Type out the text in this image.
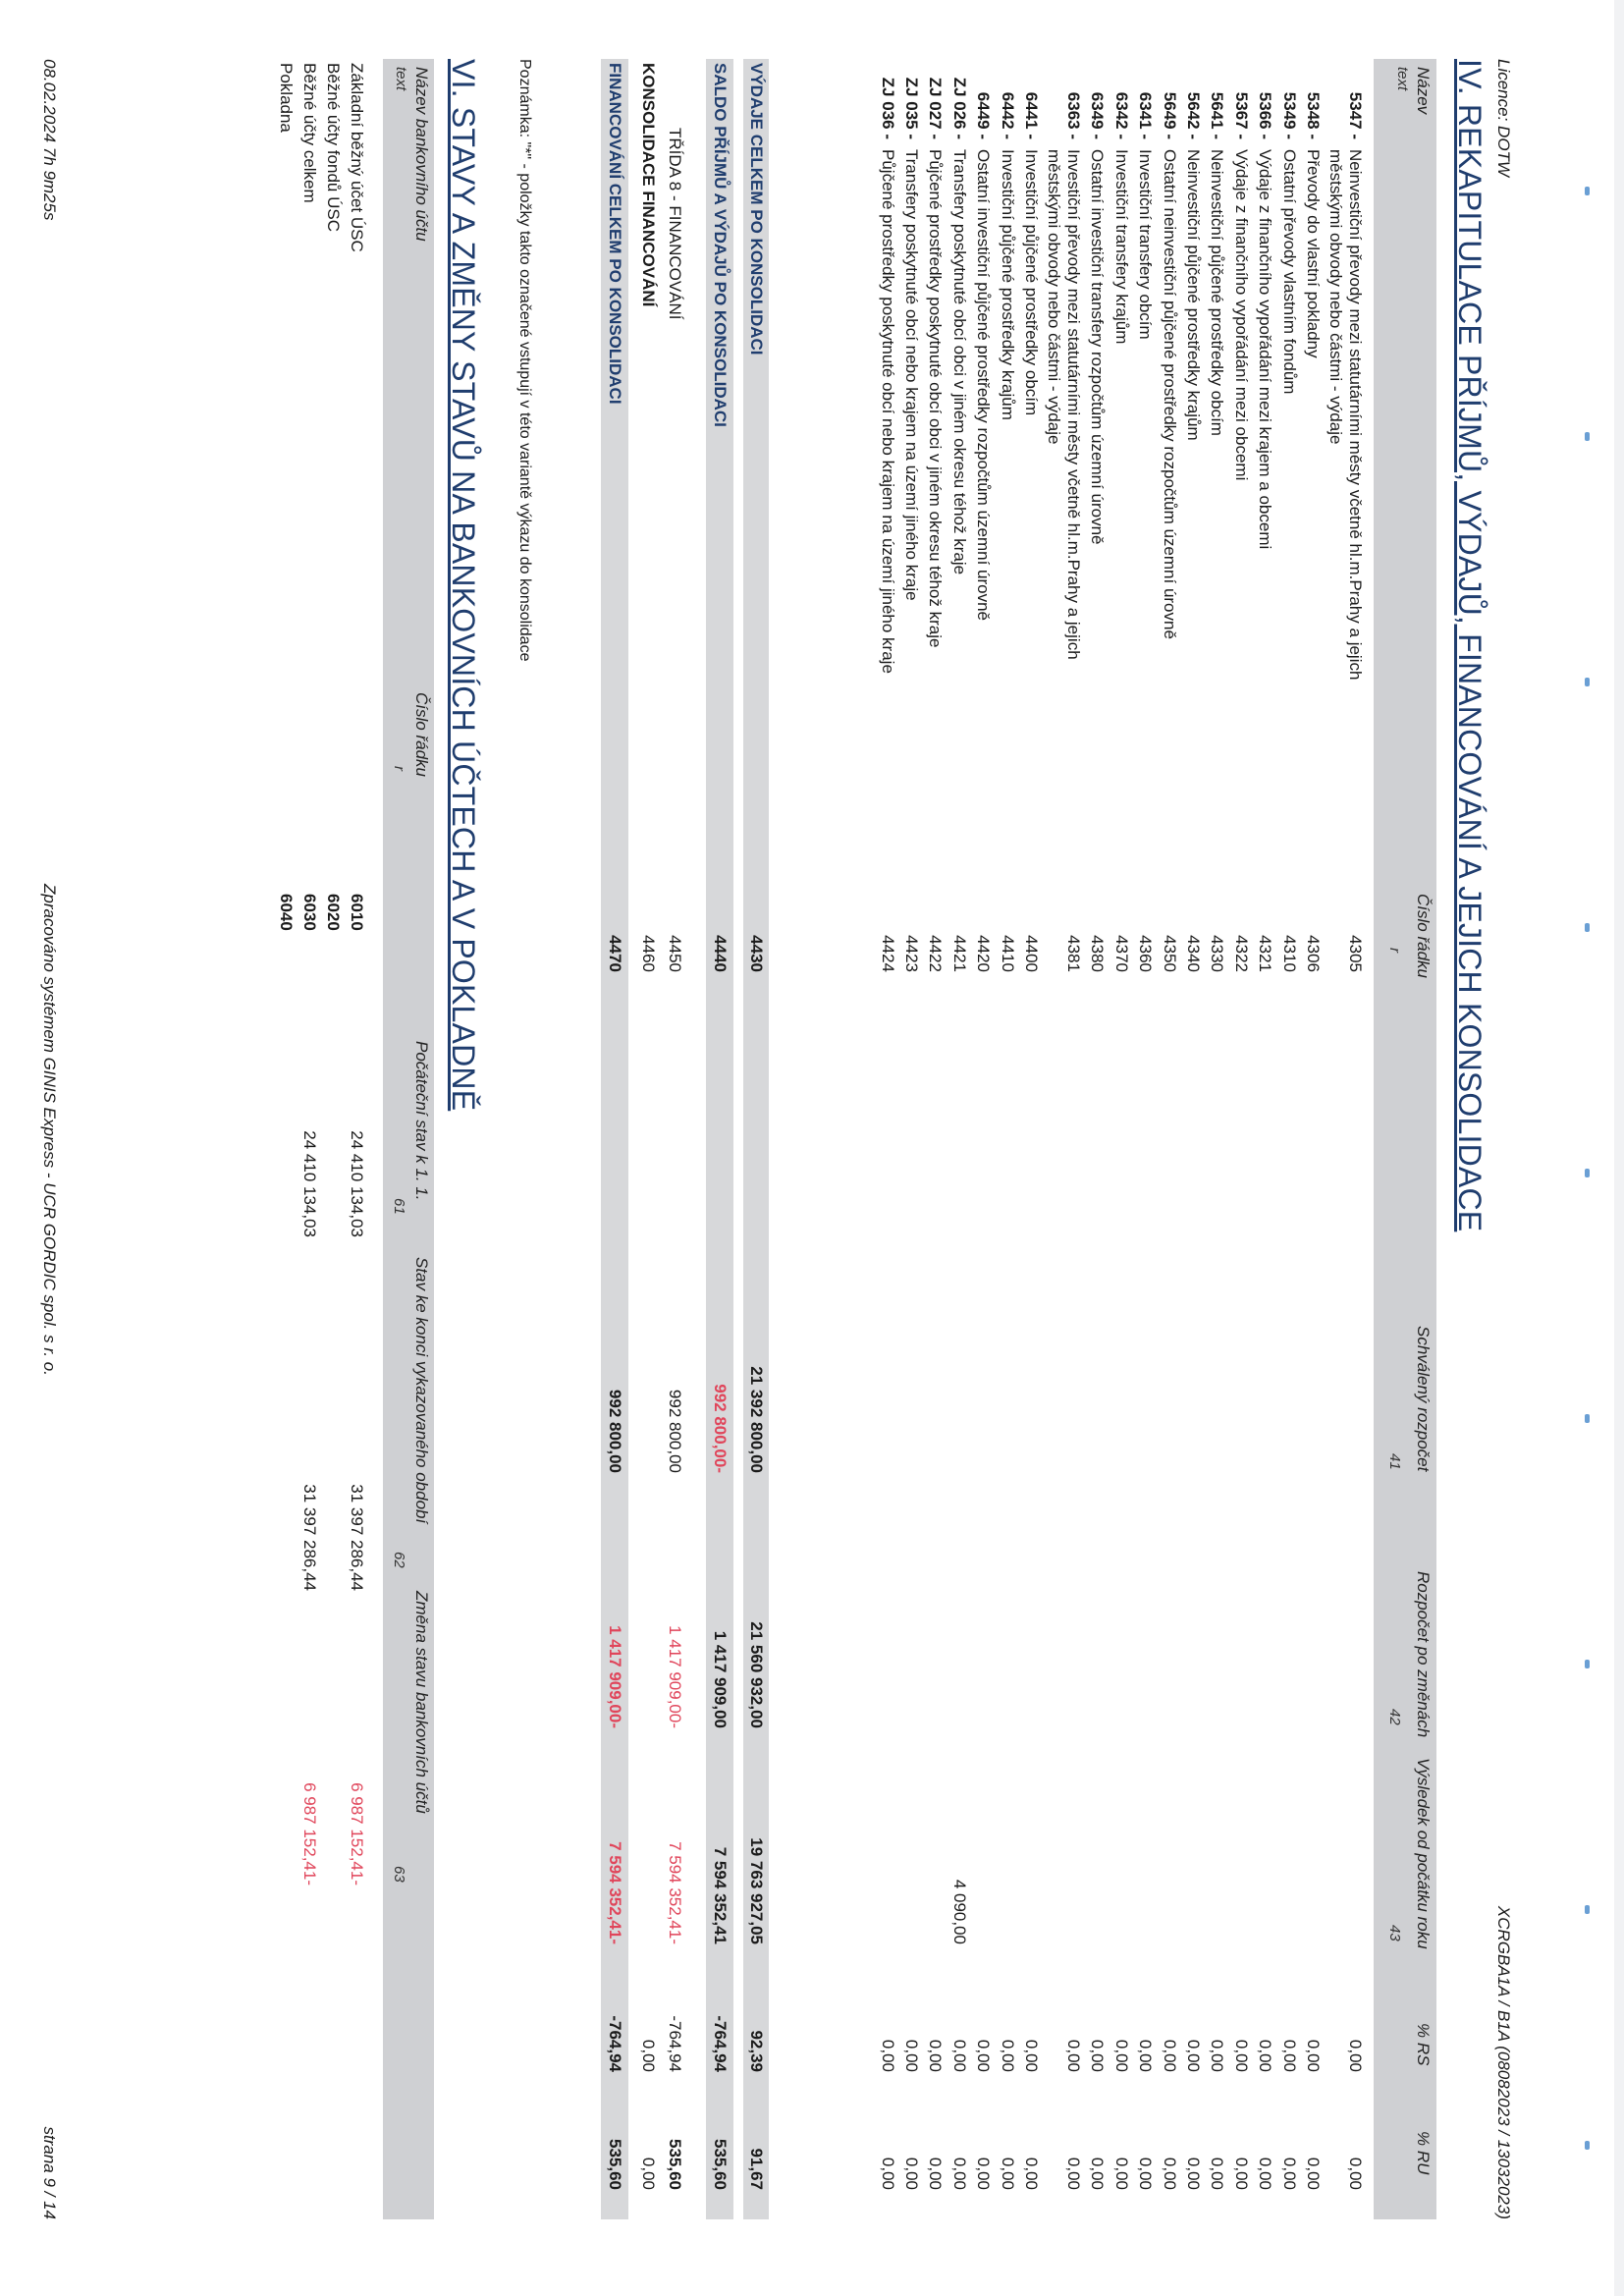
Licence: DOTW
XCRGBA1A / B1A (08082023 / 13032023)
IV. REKAPITULACE PŘÍJMŮ, VÝDAJŮ, FINANCOVÁNÍ A JEJICH KONSOLIDACE
Název
text
Číslo řádku
r
Schválený rozpočet
41
Rozpočet po změnách
42
Výsledek od počátku roku
43
% RS
% RU
5347 -
Neinvestiční převody mezi statutárními městy včetně hl.m.Prahy a jejich
4305
0,00
0,00
městskými obvody nebo částmi - výdaje
5348 -
Převody do vlastní pokladny
4306
0,00
0,00
5349 -
Ostatní převody vlastním fondům
4310
0,00
0,00
5366 -
Výdaje z finančního vypořádání mezi krajem a obcemi
4321
0,00
0,00
5367 -
Výdaje z finančního vypořádání mezi obcemi
4322
0,00
0,00
5641 -
Neinvestiční půjčené prostředky obcím
4330
0,00
0,00
5642 -
Neinvestiční půjčené prostředky krajům
4340
0,00
0,00
5649 -
Ostatní neinvestiční půjčené prostředky rozpočtům územní úrovně
4350
0,00
0,00
6341 -
Investiční transfery obcím
4360
0,00
0,00
6342 -
Investiční transfery krajům
4370
0,00
0,00
6349 -
Ostatní investiční transfery rozpočtům územní úrovně
4380
0,00
0,00
6363 -
Investiční převody mezi statutárními městy včetně hl.m.Prahy a jejich
4381
0,00
0,00
městskými obvody nebo částmi - výdaje
6441 -
Investiční půjčené prostředky obcím
4400
0,00
0,00
6442 -
Investiční půjčené prostředky krajům
4410
0,00
0,00
6449 -
Ostatní investiční půjčené prostředky rozpočtům územní úrovně
4420
0,00
0,00
ZJ 026 -
Transfery poskytnuté obcí obci v jiném okresu téhož kraje
4421
4 090,00
0,00
0,00
ZJ 027 -
Půjčené prostředky poskytnuté obcí obci v jiném okresu téhož kraje
4422
0,00
0,00
ZJ 035 -
Transfery poskytnuté obcí nebo krajem na území jiného kraje
4423
0,00
0,00
ZJ 036 -
Půjčené prostředky poskytnuté obcí nebo krajem na území jiného kraje
4424
0,00
0,00
VÝDAJE CELKEM PO KONSOLIDACI
4430
21 392 800,00
21 560 932,00
19 763 927,05
92,39
91,67
SALDO PŘÍJMŮ A VÝDAJŮ PO KONSOLIDACI
4440
992 800,00-
1 417 909,00
7 594 352,41
-764,94
535,60
TŘÍDA 8 - FINANCOVÁNÍ
4450
992 800,00
1 417 909,00-
7 594 352,41-
-764,94
535,60
KONSOLIDACE FINANCOVÁNÍ
4460
0,00
0,00
FINANCOVÁNÍ CELKEM PO KONSOLIDACI
4470
992 800,00
1 417 909,00-
7 594 352,41-
-764,94
535,60
Poznámka: "*" - položky takto označené vstupují v této variantě výkazu do konsolidace
VI. STAVY A ZMĚNY STAVŮ NA BANKOVNÍCH ÚČTECH A V POKLADNĚ
Název bankovního účtu
text
Číslo řádku
r
Počáteční stav k 1. 1.
61
Stav ke konci vykazovaného období
62
Změna stavu bankovních účtů
63
Základní běžný účet ÚSC
6010
24 410 134,03
31 397 286,44
6 987 152,41-
Běžné účty fondů ÚSC
6020
Běžné účty celkem
6030
24 410 134,03
31 397 286,44
6 987 152,41-
Pokladna
6040
08.02.2024 7h 9m25s
Zpracováno systémem GINIS Express - UCR GORDIC spol. s r. o.
strana 9 / 14
